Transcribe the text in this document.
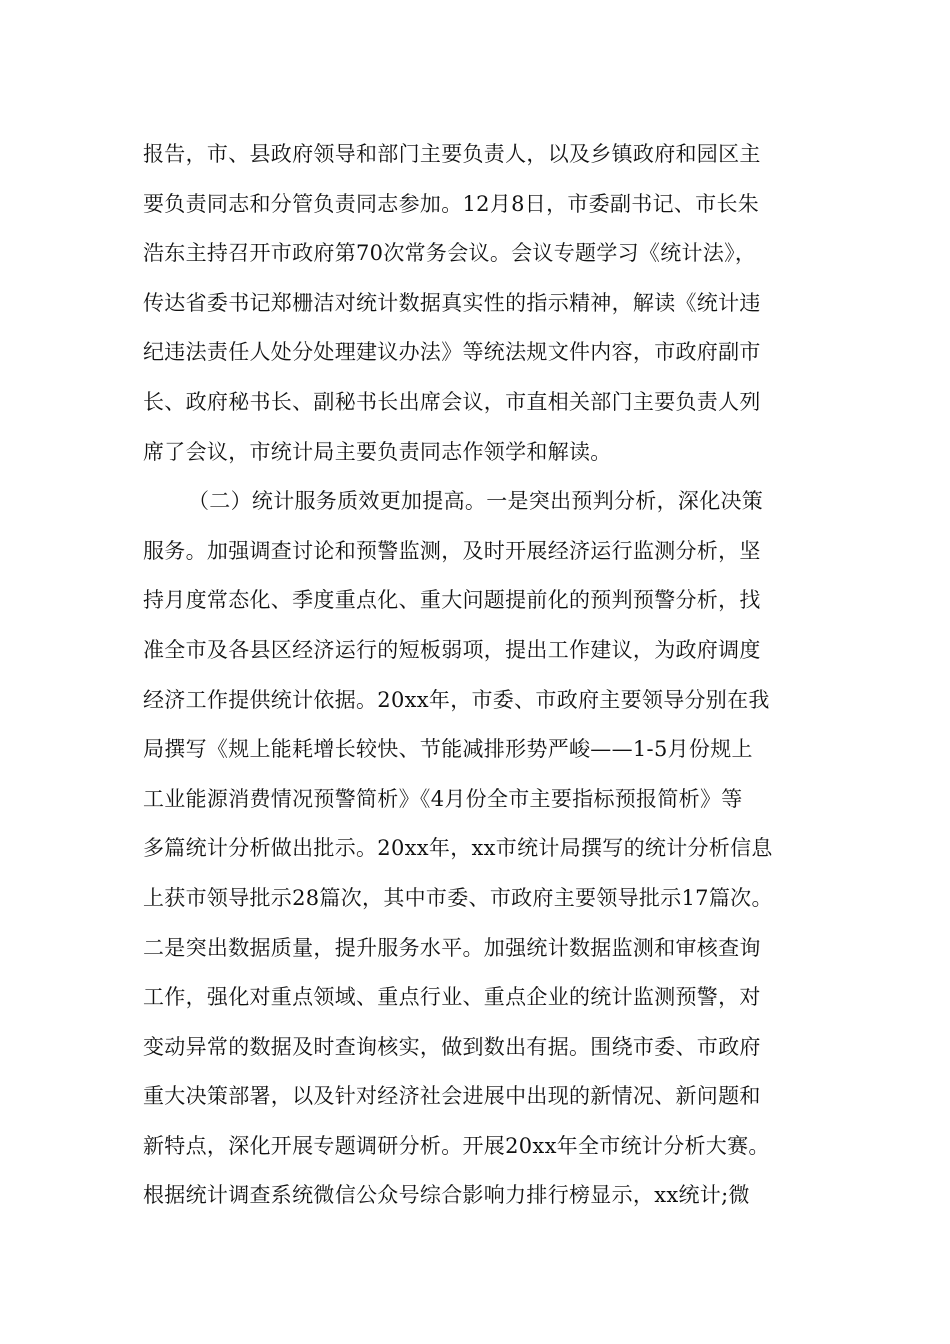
报告，市、县政府领导和部门主要负责人，以及乡镇政府和园区主
要负责同志和分管负责同志参加。12月8日，市委副书记、市长朱
浩东主持召开市政府第70次常务会议。会议专题学习《统计法》，
传达省委书记郑栅洁对统计数据真实性的指示精神，解读《统计违
纪违法责任人处分处理建议办法》等统法规文件内容，市政府副市
长、政府秘书长、副秘书长出席会议，市直相关部门主要负责人列
席了会议，市统计局主要负责同志作领学和解读。
（二）统计服务质效更加提高。一是突出预判分析，深化决策
服务。加强调查讨论和预警监测，及时开展经济运行监测分析，坚
持月度常态化、季度重点化、重大问题提前化的预判预警分析，找
准全市及各县区经济运行的短板弱项，提出工作建议，为政府调度
经济工作提供统计依据。20xx年，市委、市政府主要领导分别在我
局撰写《规上能耗增长较快、节能减排形势严峻——1-5月份规上
工业能源消费情况预警简析》《4月份全市主要指标预报简析》等
多篇统计分析做出批示。20xx年，xx市统计局撰写的统计分析信息
上获市领导批示28篇次，其中市委、市政府主要领导批示17篇次。
二是突出数据质量，提升服务水平。加强统计数据监测和审核查询
工作，强化对重点领域、重点行业、重点企业的统计监测预警，对
变动异常的数据及时查询核实，做到数出有据。围绕市委、市政府
重大决策部署，以及针对经济社会进展中出现的新情况、新问题和
新特点，深化开展专题调研分析。开展20xx年全市统计分析大赛。
根据统计调查系统微信公众号综合影响力排行榜显示，xx统计;微
